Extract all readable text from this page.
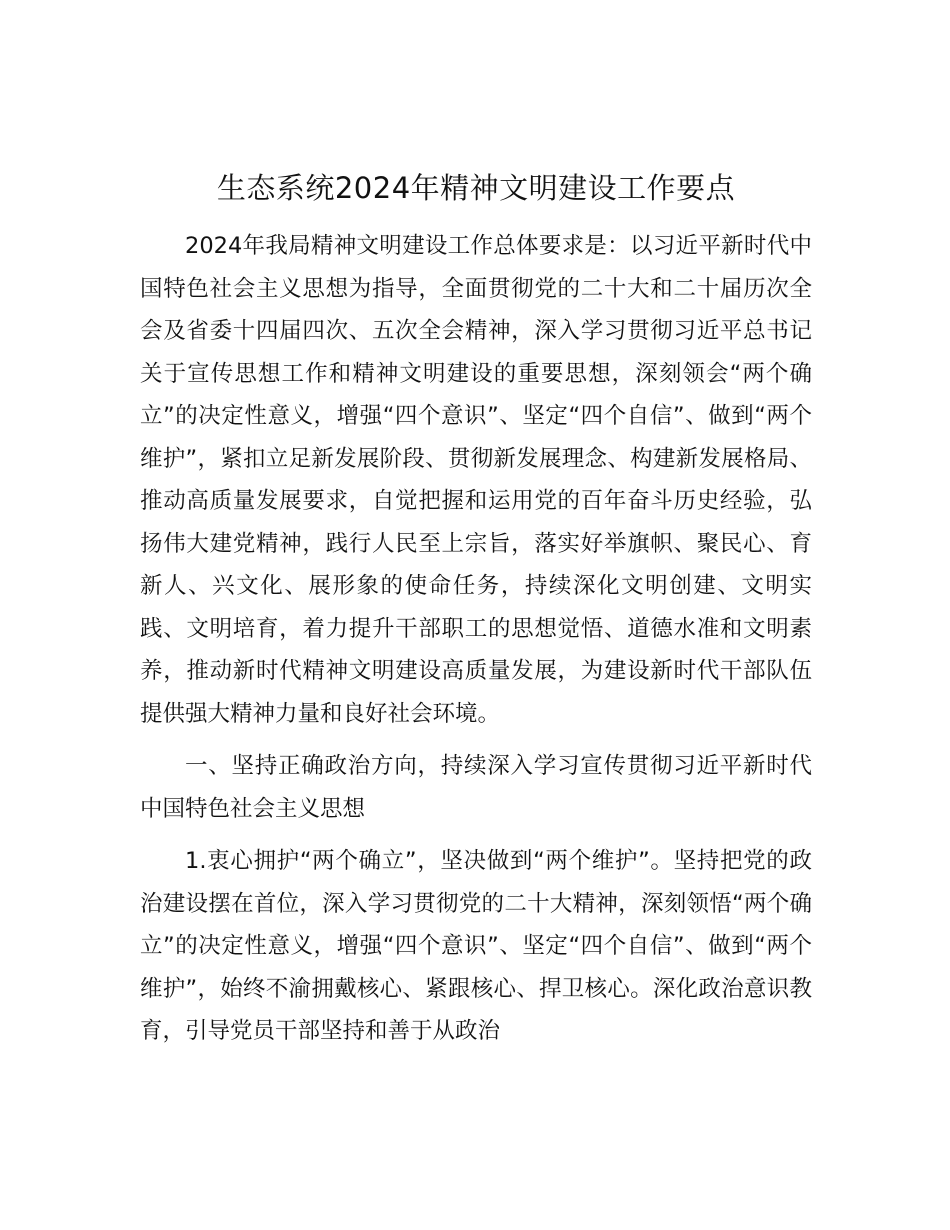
生态系统2024年精神文明建设工作要点

2024年我局精神文明建设工作总体要求是：以习近平新时代中国特色社会主义思想为指导，全面贯彻党的二十大和二十届历次全会及省委十四届四次、五次全会精神，深入学习贯彻习近平总书记关于宣传思想工作和精神文明建设的重要思想，深刻领会“两个确立”的决定性意义，增强“四个意识”、坚定“四个自信”、做到“两个维护”，紧扣立足新发展阶段、贯彻新发展理念、构建新发展格局、推动高质量发展要求，自觉把握和运用党的百年奋斗历史经验，弘扬伟大建党精神，践行人民至上宗旨，落实好举旗帜、聚民心、育新人、兴文化、展形象的使命任务，持续深化文明创建、文明实践、文明培育，着力提升干部职工的思想觉悟、道德水准和文明素养，推动新时代精神文明建设高质量发展，为建设新时代干部队伍提供强大精神力量和良好社会环境。

一、坚持正确政治方向，持续深入学习宣传贯彻习近平新时代中国特色社会主义思想

1.衷心拥护“两个确立”，坚决做到“两个维护”。坚持把党的政治建设摆在首位，深入学习贯彻党的二十大精神，深刻领悟“两个确立”的决定性意义，增强“四个意识”、坚定“四个自信”、做到“两个维护”，始终不渝拥戴核心、紧跟核心、捍卫核心。深化政治意识教育，引导党员干部坚持和善于从政治
